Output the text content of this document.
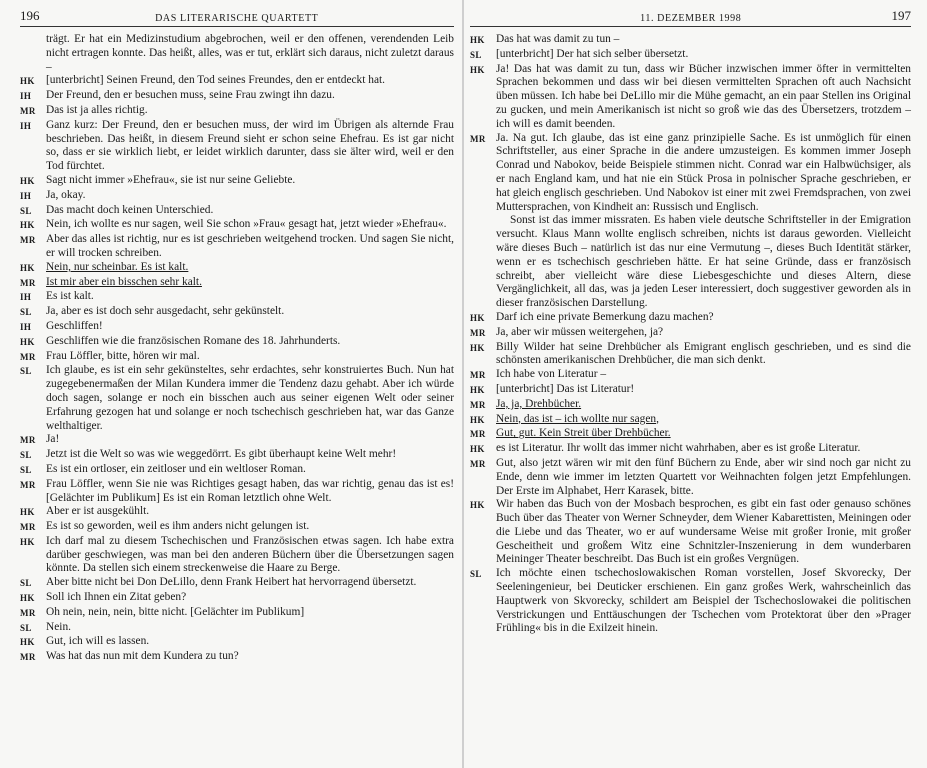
196	DAS LITERARISCHE QUARTETT
trägt. Er hat ein Medizinstudium abgebrochen, weil er den offenen, verendenden Leib nicht ertragen konnte. Das heißt, alles, was er tut, erklärt sich daraus, nicht zuletzt daraus –
HK [unterbricht] Seinen Freund, den Tod seines Freundes, den er entdeckt hat.
IH	Der Freund, den er besuchen muss, seine Frau zwingt ihn dazu.
MR Das ist ja alles richtig.
IH	Ganz kurz: Der Freund, den er besuchen muss, der wird im Übrigen als alternde Frau beschrieben. Das heißt, in diesem Freund sieht er schon seine Ehefrau. Es ist gar nicht so, dass er sie wirklich liebt, er leidet wirklich darunter, dass sie älter wird, weil er den Tod fürchtet.
HK Sagt nicht immer »Ehefrau«, sie ist nur seine Geliebte.
IH	Ja, okay.
SL	Das macht doch keinen Unterschied.
HK Nein, ich wollte es nur sagen, weil Sie schon »Frau« gesagt hat, jetzt wieder »Ehefrau«.
MR Aber das alles ist richtig, nur es ist geschrieben weitgehend trocken. Und sagen Sie nicht, er will trocken schreiben.
HK Nein, nur scheinbar. Es ist kalt.
MR Ist mir aber ein bisschen sehr kalt.
IH	Es ist kalt.
SL	Ja, aber es ist doch sehr ausgedacht, sehr gekünstelt.
IH	Geschliffen!
HK Geschliffen wie die französischen Romane des 18. Jahrhunderts.
MR Frau Löffler, bitte, hören wir mal.
SL	Ich glaube, es ist ein sehr gekünsteltes, sehr erdachtes, sehr konstruiertes Buch. Nun hat zugegebenermaßen der Milan Kundera immer die Tendenz dazu gehabt. Aber ich würde doch sagen, solange er noch ein bisschen auch aus seiner eigenen Welt oder seiner Erfahrung gezogen hat und solange er noch tschechisch geschrieben hat, war das Ganze welthaltiger.
MR Ja!
SL	Jetzt ist die Welt so was wie weggedörrt. Es gibt überhaupt keine Welt mehr!
SL	Es ist ein ortloser, ein zeitloser und ein weltloser Roman.
MR Frau Löffler, wenn Sie nie was Richtiges gesagt haben, das war richtig, genau das ist es! [Gelächter im Publikum] Es ist ein Roman letztlich ohne Welt.
HK Aber er ist ausgekühlt.
MR Es ist so geworden, weil es ihm anders nicht gelungen ist.
HK Ich darf mal zu diesem Tschechischen und Französischen etwas sagen. Ich habe extra darüber geschwiegen, was man bei den anderen Büchern über die Übersetzungen sagen könnte. Da stellen sich einem streckenweise die Haare zu Berge.
SL	Aber bitte nicht bei Don DeLillo, denn Frank Heibert hat hervorragend übersetzt.
HK Soll ich Ihnen ein Zitat geben?
MR Oh nein, nein, nein, bitte nicht. [Gelächter im Publikum]
SL	Nein.
HK Gut, ich will es lassen.
MR Was hat das nun mit dem Kundera zu tun?
11. DEZEMBER 1998	197
HK Das hat was damit zu tun –
SL	[unterbricht] Der hat sich selber übersetzt.
HK Ja! Das hat was damit zu tun, dass wir Bücher inzwischen immer öfter in vermittelten Sprachen bekommen und dass wir bei diesen vermittelten Sprachen oft auch Nachsicht üben müssen. Ich habe bei DeLillo mir die Mühe gemacht, an ein paar Stellen ins Original zu gucken, und mein Amerikanisch ist nicht so groß wie das des Übersetzers, trotzdem – ich will es damit beenden.
MR Ja. Na gut. Ich glaube, das ist eine ganz prinzipielle Sache. Es ist unmöglich für einen Schriftsteller, aus einer Sprache in die andere umzusteigen. Es kommen immer Joseph Conrad und Nabokov, beide Beispiele stimmen nicht. Conrad war ein Halbwüchsiger, als er nach England kam, und hat nie ein Stück Prosa in polnischer Sprache geschrieben, er hat gleich englisch geschrieben. Und Nabokov ist einer mit zwei Fremdsprachen, von zwei Muttersprachen, von Kindheit an: Russisch und Englisch.
Sonst ist das immer missraten. Es haben viele deutsche Schriftsteller in der Emigration versucht. Klaus Mann wollte englisch schreiben, nichts ist daraus geworden. Vielleicht wäre dieses Buch – natürlich ist das nur eine Vermutung –, dieses Buch Identität stärker, wenn er es tschechisch geschrieben hätte. Er hat seine Gründe, dass er französisch schreibt, aber vielleicht wäre diese Liebesgeschichte und dieses Altern, diese Vergänglichkeit, all das, was ja jeden Leser interessiert, doch suggestiver geworden als in dieser französischen Darstellung.
HK Darf ich eine private Bemerkung dazu machen?
MR Ja, aber wir müssen weitergehen, ja?
HK Billy Wilder hat seine Drehbücher als Emigrant englisch geschrieben, und es sind die schönsten amerikanischen Drehbücher, die man sich denkt.
MR Ich habe von Literatur –
HK [unterbricht] Das ist Literatur!
MR Ja, ja, Drehbücher.
HK Nein, das ist – ich wollte nur sagen,
MR Gut, gut. Kein Streit über Drehbücher.
HK es ist Literatur. Ihr wollt das immer nicht wahrhaben, aber es ist große Literatur.
MR Gut, also jetzt wären wir mit den fünf Büchern zu Ende, aber wir sind noch gar nicht zu Ende, denn wie immer im letzten Quartett vor Weihnachten folgen jetzt Empfehlungen. Der Erste im Alphabet, Herr Karasek, bitte.
HK Wir haben das Buch von der Mosbach besprochen, es gibt ein fast oder genauso schönes Buch über das Theater von Werner Schneyder, dem Wiener Kabarettisten, Meiningen oder die Liebe und das Theater, wo er auf wundersame Weise mit großer Ironie, mit großer Gescheitheit und großem Witz eine Schnitzler-Inszenierung in dem wunderbaren Meininger Theater beschreibt. Das Buch ist ein großes Vergnügen.
SL	Ich möchte einen tschechoslowakischen Roman vorstellen, Josef Skvorecky, Der Seeleningenieur, bei Deuticker erschienen. Ein ganz großes Werk, wahrscheinlich das Hauptwerk von Skvorecky, schildert am Beispiel der Tschechoslowakei die politischen Verstrickungen und Enttäuschungen der Tschechen vom Protektorat über den »Prager Frühling« bis in die Exilzeit hinein.
